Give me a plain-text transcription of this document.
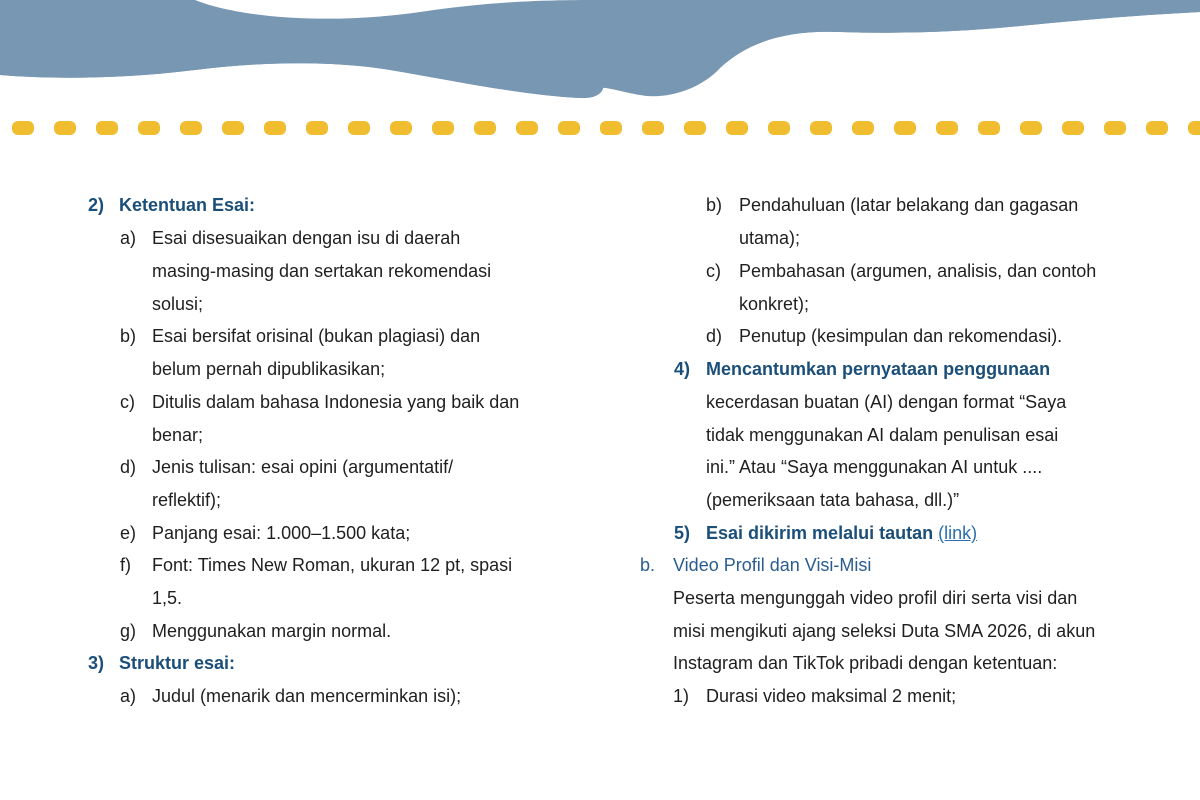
2) Ketentuan Esai:
a) Esai disesuaikan dengan isu di daerah
masing-masing dan sertakan rekomendasi
solusi;
b) Esai bersifat orisinal (bukan plagiasi) dan
belum pernah dipublikasikan;
c) Ditulis dalam bahasa Indonesia yang baik dan
benar;
d) Jenis tulisan: esai opini (argumentatif/
reflektif);
e) Panjang esai: 1.000–1.500 kata;
f) Font: Times New Roman, ukuran 12 pt, spasi
1,5.
g) Menggunakan margin normal.
3) Struktur esai:
a) Judul (menarik dan mencerminkan isi);
b) Pendahuluan (latar belakang dan gagasan
utama);
c) Pembahasan (argumen, analisis, dan contoh
konkret);
d) Penutup (kesimpulan dan rekomendasi).
4) Mencantumkan pernyataan penggunaan
kecerdasan buatan (AI) dengan format “Saya
tidak menggunakan AI dalam penulisan esai
ini.” Atau “Saya menggunakan AI untuk ....
(pemeriksaan tata bahasa, dll.)”
5) Esai dikirim melalui tautan (link)
b. Video Profil dan Visi-Misi
Peserta mengunggah video profil diri serta visi dan
misi mengikuti ajang seleksi Duta SMA 2026, di akun
Instagram dan TikTok pribadi dengan ketentuan:
1) Durasi video maksimal 2 menit;
